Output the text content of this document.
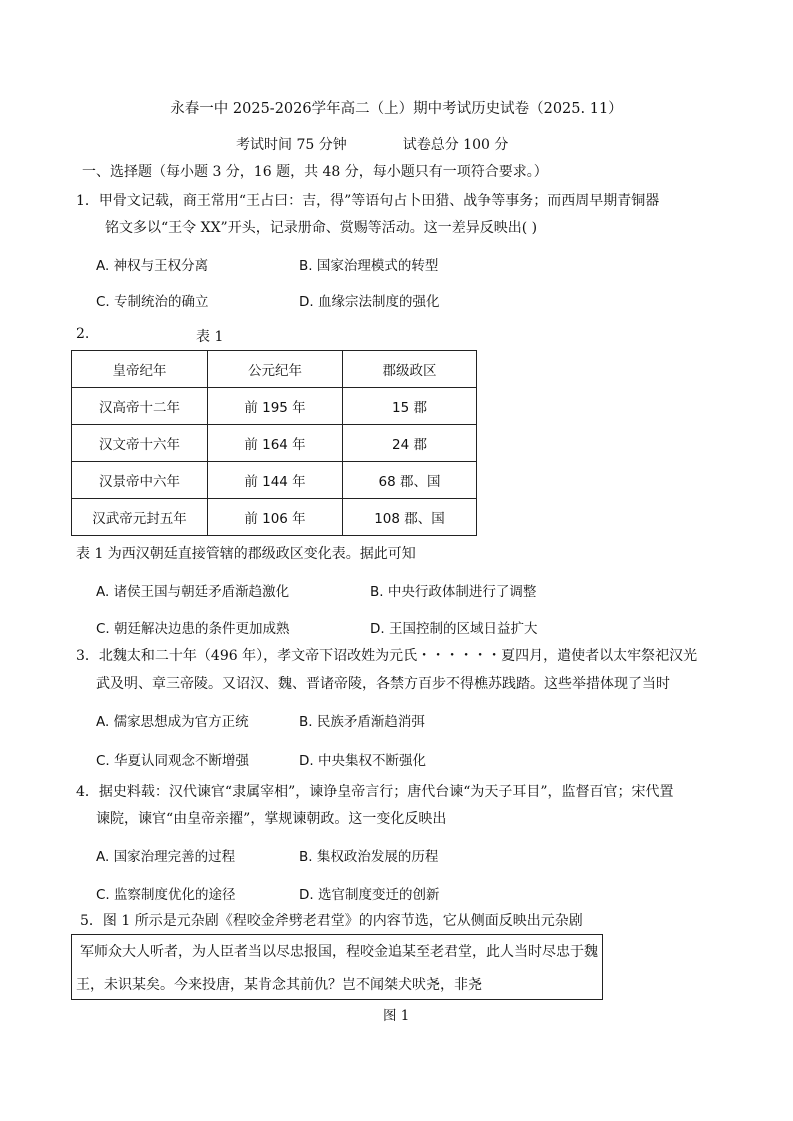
永春一中 2025-2026学年高二（上）期中考试历史试卷（2025. 11）
考试时间 75 分钟	试卷总分 100 分
一、选择题（每小题 3 分，16 题，共 48 分，每小题只有一项符合要求。）
1．甲骨文记载，商王常用“王占曰：吉，得”等语句占卜田猎、战争等事务；而西周早期青铜器
铭文多以“王令 XX”开头，记录册命、赏赐等活动。这一差异反映出( )
A. 神权与王权分离	B. 国家治理模式的转型
C. 专制统治的确立	D. 血缘宗法制度的强化
2.	表 1
皇帝纪年	公元纪年	郡级政区
汉高帝十二年	前 195 年	15 郡
汉文帝十六年	前 164 年	24 郡
汉景帝中六年	前 144 年	68 郡、国
汉武帝元封五年	前 106 年	108 郡、国
表 1 为西汉朝廷直接管辖的郡级政区变化表。据此可知
A. 诸侯王国与朝廷矛盾渐趋激化	B. 中央行政体制进行了调整
C. 朝廷解决边患的条件更加成熟	D. 王国控制的区域日益扩大
3．北魏太和二十年（496 年），孝文帝下诏改姓为元氏・・・・・・夏四月，遣使者以太牢祭祀汉光
武及明、章三帝陵。又诏汉、魏、晋诸帝陵，各禁方百步不得樵苏践踏。这些举措体现了当时
A. 儒家思想成为官方正统	B. 民族矛盾渐趋消弭
C. 华夏认同观念不断增强	D. 中央集权不断强化
4．据史料载：汉代谏官“隶属宰相”，谏诤皇帝言行；唐代台谏“为天子耳目”，监督百官；宋代置
谏院，谏官“由皇帝亲擢”，掌规谏朝政。这一变化反映出
A. 国家治理完善的过程	B. 集权政治发展的历程
C. 监察制度优化的途径	D. 选官制度变迁的创新
5．图 1 所示是元杂剧《程咬金斧劈老君堂》的内容节选，它从侧面反映出元杂剧
军师众大人听者，为人臣者当以尽忠报国，程咬金追某至老君堂，此人当时尽忠于魏
王，未识某矣。今来投唐，某肯念其前仇？岂不闻桀犬吠尧，非尧
图 1
